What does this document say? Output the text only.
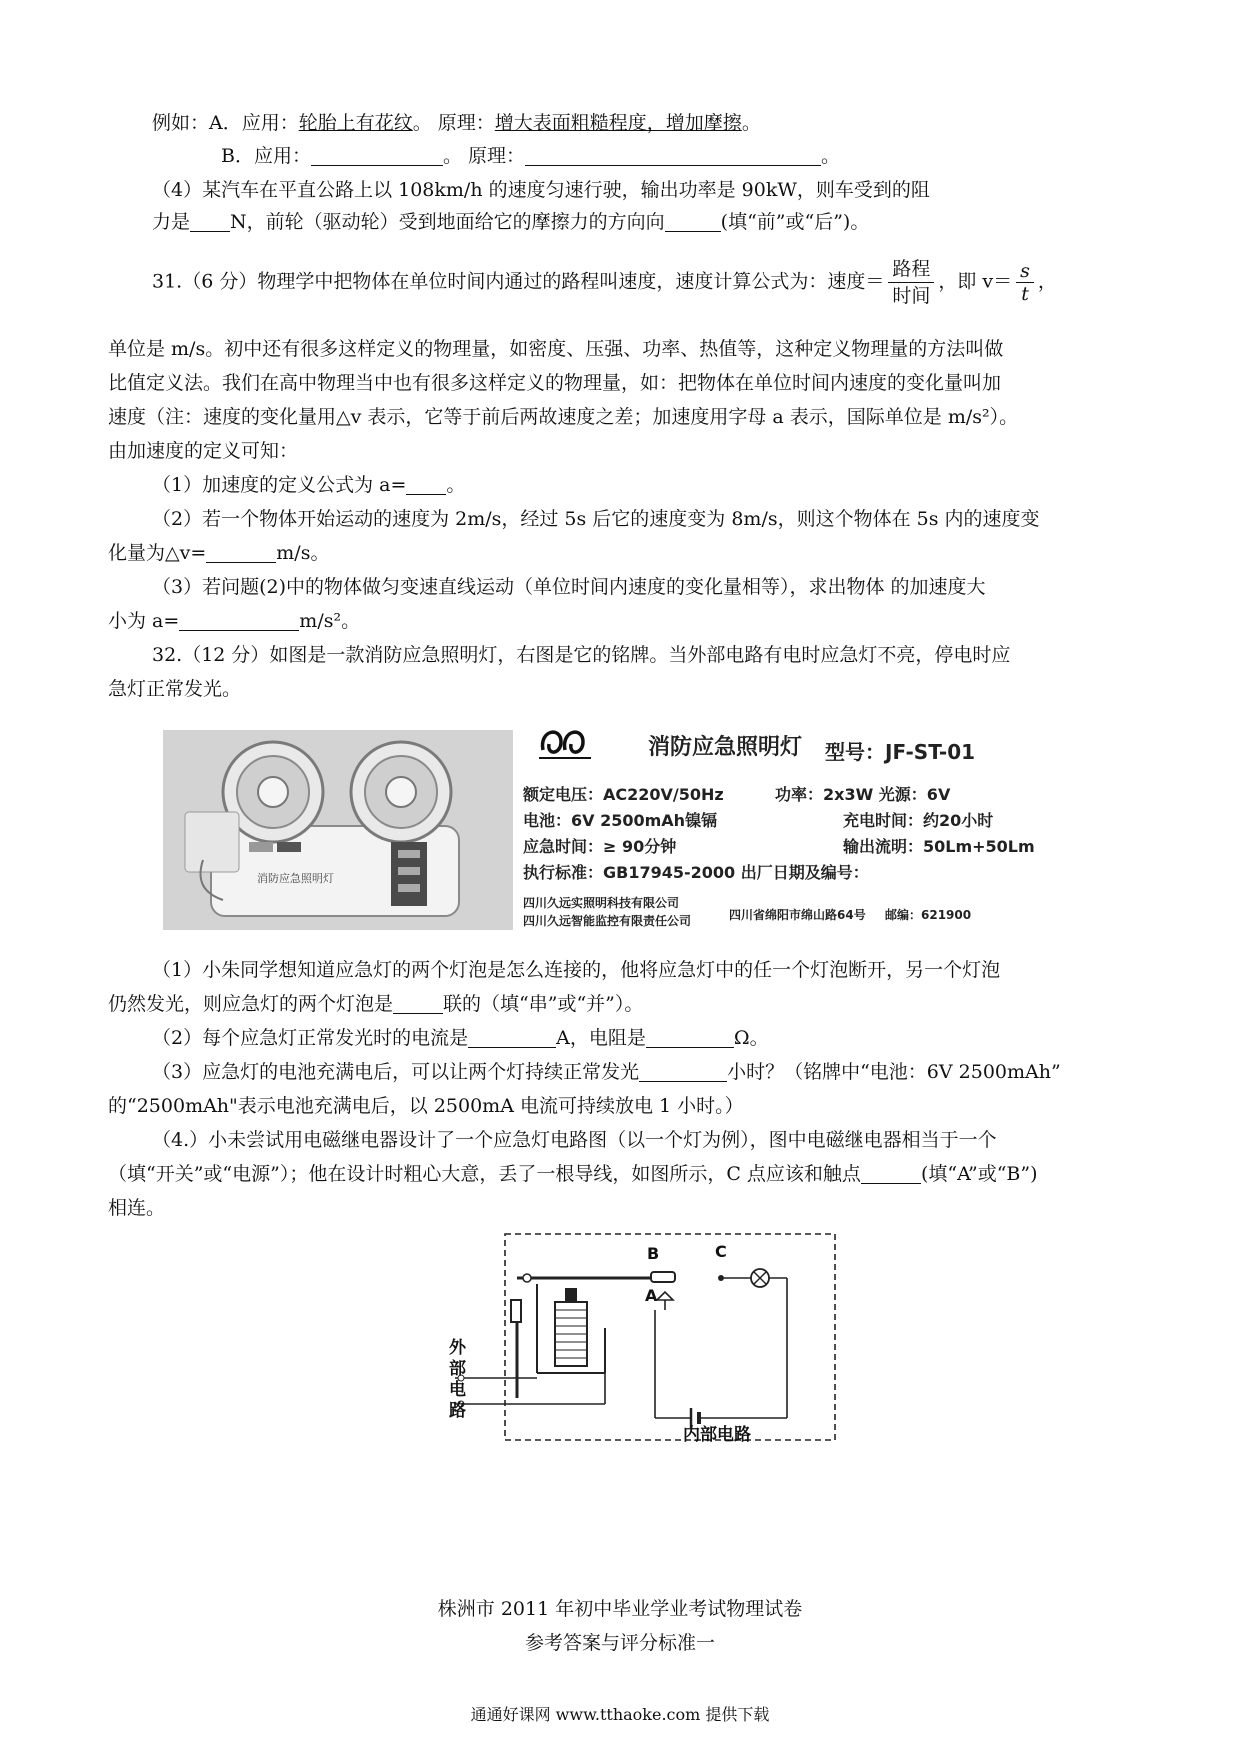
例如：A．应用：轮胎上有花纹。 原理：增大表面粗糙程度，增加摩擦。
B．应用：	。 原理：	。
（4）某汽车在平直公路上以 108km/h 的速度匀速行驶，输出功率是 90kW，则车受到的阻
力是 N，前轮（驱动轮）受到地面给它的摩擦力的方向向	(填“前”或“后”)。
31.（6 分）物理学中把物体在单位时间内通过的路程叫速度，速度计算公式为：速度＝ $\frac{\text{路程}}{\text{时间}}$ ，即 $v= \frac{s}{t}$ ，
单位是 m/s。初中还有很多这样定义的物理量，如密度、压强、功率、热值等，这种定义物理量的方法叫做
比值定义法。我们在高中物理当中也有很多这样定义的物理量，如：把物体在单位时间内速度的变化量叫加
速度（注：速度的变化量用△v 表示，它等于前后两故速度之差；加速度用字母 a 表示，国际单位是 m/s²）。
由加速度的定义可知：
（1）加速度的定义公式为 a= 。
（2）若一个物体开始运动的速度为 2m/s，经过 5s 后它的速度变为 8m/s，则这个物体在 5s 内的速度变
化量为△v=	m/s。
（3）若问题(2)中的物体做匀变速直线运动（单位时间内速度的变化量相等），求出物体 的加速度大
小为 a=	m/s²。
32.（12 分）如图是一款消防应急照明灯，右图是它的铭牌。当外部电路有电时应急灯不亮，停电时应
急灯正常发光。
消防应急照明灯
消防应急照明灯 型号：JF-ST-01
额定电压：AC220V/50Hz	功率：2x3W 光源：6V
电池：6V 2500mAh镍镉	充电时间：约20小时
应急时间：≥ 90分钟	输出流明：50Lm+50Lm
执行标准：GB17945-2000 出厂日期及编号：
四川久远实照明科技有限公司
四川久远智能监控有限责任公司	四川省绵阳市绵山路64号 邮编：621900
（1）小朱同学想知道应急灯的两个灯泡是怎么连接的，他将应急灯中的任一个灯泡断开，另一个灯泡
仍然发光，则应急灯的两个灯泡是	联的（填“串”或“并”）。
（2）每个应急灯正常发光时的电流是	A，电阻是	Ω。
（3）应急灯的电池充满电后，可以让两个灯持续正常发光	小时？（铭牌中“电池：6V 2500mAh”
的“2500mAh"表示电池充满电后，以 2500mA 电流可持续放电 1 小时。）
（4.）小未尝试用电磁继电器设计了一个应急灯电路图（以一个灯为例），图中电磁继电器相当于一个
（填“开关”或“电源”）；他在设计时粗心大意，丢了一根导线，如图所示，C 点应该和触点	(填“A”或“B”)
相连。
B	C
A
外
部
电
路
内部电路
株洲市 2011 年初中毕业学业考试物理试卷
参考答案与评分标准一
通通好课网 www.tthaoke.com 提供下载
